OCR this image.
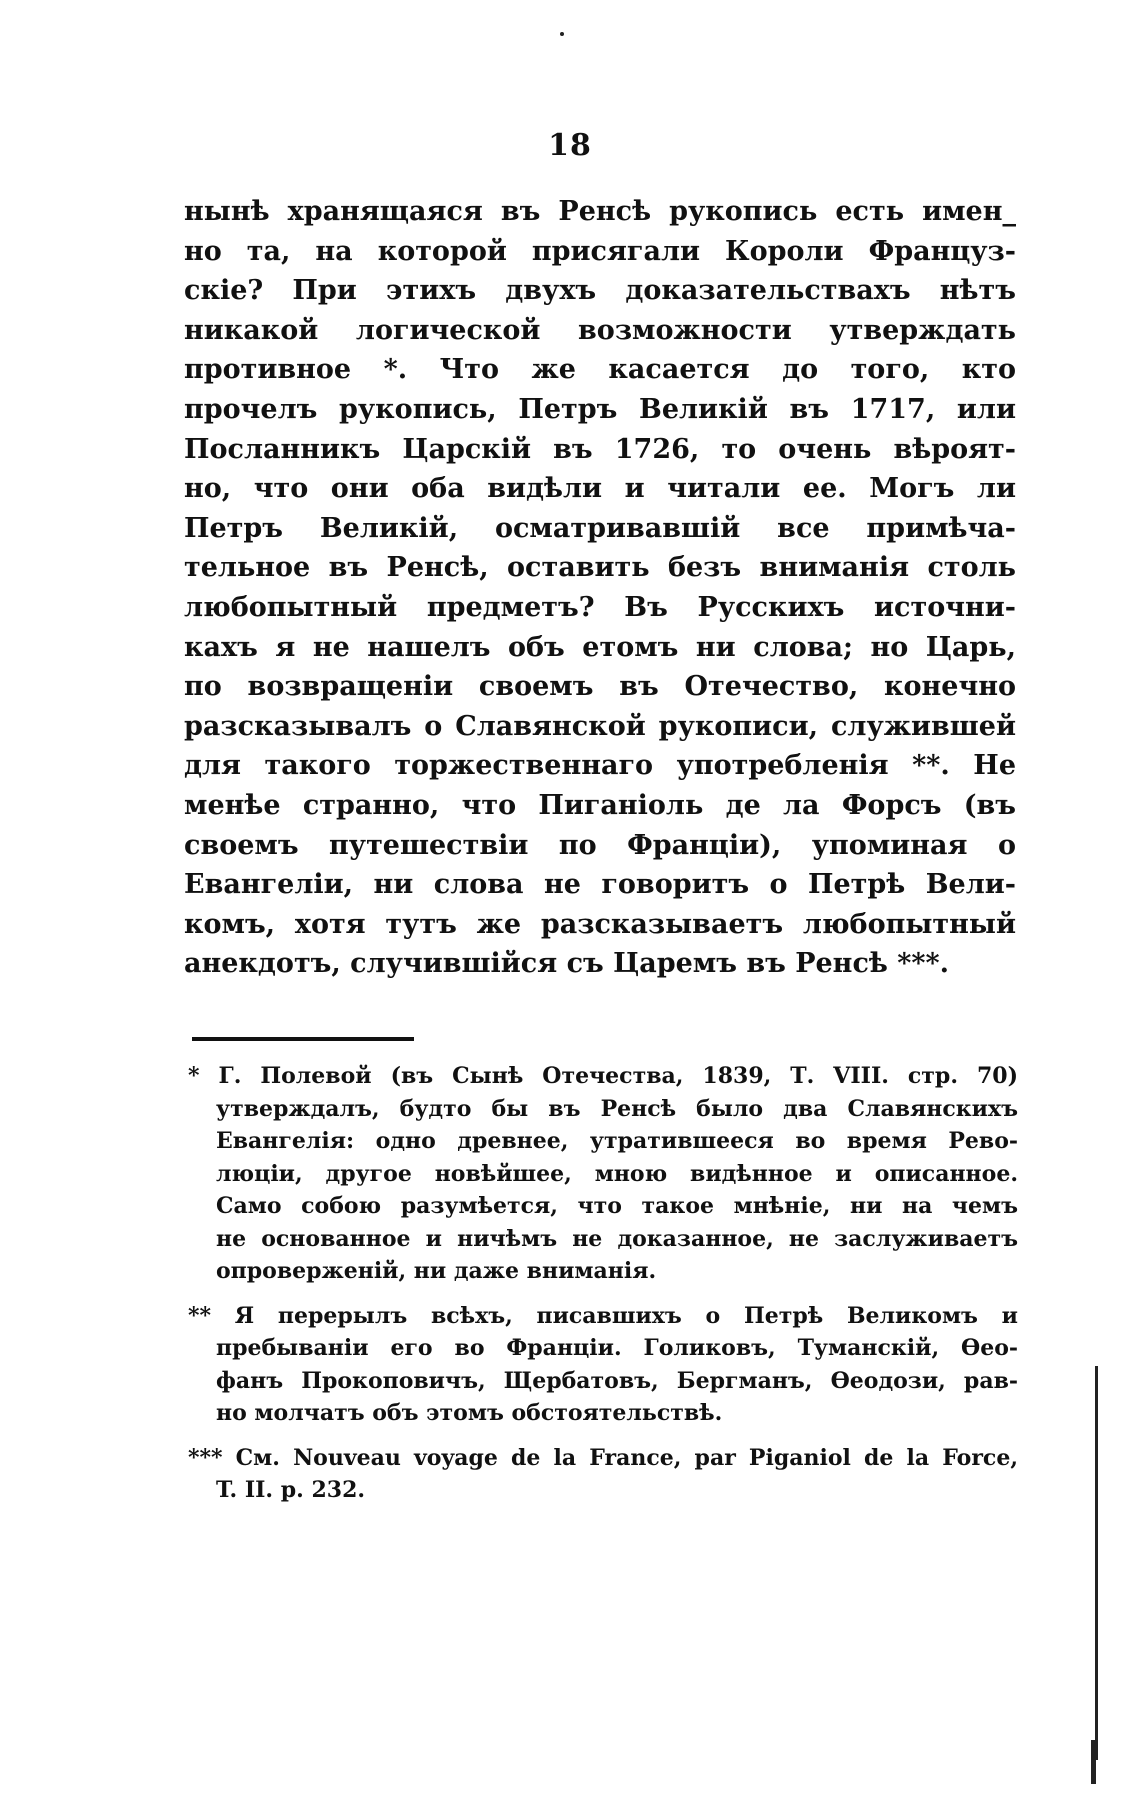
18
нынѣ хранящаяся въ Ренсѣ рукопись есть имен_
но та, на которой присягали Короли Француз-
скіе? При этихъ двухъ доказательствахъ нѣтъ
никакой логической возможности утверждать
противное *. Что же касается до того, кто
прочелъ рукопись, Петръ Великій въ 1717, или
Посланникъ Царскій въ 1726, то очень вѣроят-
но, что они оба видѣли и читали ее. Могъ ли
Петръ Великій, осматривавшій все примѣча-
тельное въ Ренсѣ, оставить безъ вниманія столь
любопытный предметъ? Въ Русскихъ источни-
кахъ я не нашелъ объ етомъ ни слова; но Царь,
по возвращеніи своемъ въ Отечество, конечно
разсказывалъ о Славянской рукописи, служившей
для такого торжественнаго употребленія **. Не
менѣе странно, что Пиганіоль де ла Форсъ (въ
своемъ путешествіи по Франціи), упоминая о
Евангеліи, ни слова не говоритъ о Петрѣ Вели-
комъ, хотя тутъ же разсказываетъ любопытный
анекдотъ, случившійся съ Царемъ въ Ренсѣ ***.
* Г. Полевой (въ Сынѣ Отечества, 1839, Т. VIII. стр. 70)
утверждалъ, будто бы въ Ренсѣ было два Славянскихъ
Евангелія: одно древнее, утратившееся во время Рево-
люціи, другое новѣйшее, мною видѣнное и описанное.
Само собою разумѣется, что такое мнѣніе, ни на чемъ
не основанное и ничѣмъ не доказанное, не заслуживаетъ
опроверженій, ни даже вниманія.
** Я перерылъ всѣхъ, писавшихъ о Петрѣ Великомъ и
пребываніи его во Франціи. Голиковъ, Туманскій, Ѳео-
фанъ Прокоповичъ, Щербатовъ, Бергманъ, Ѳеодози, рав-
но молчатъ объ этомъ обстоятельствѣ.
*** См. Nouveau voyage de la France, par Piganiol de la Force,
T. II. p. 232.
